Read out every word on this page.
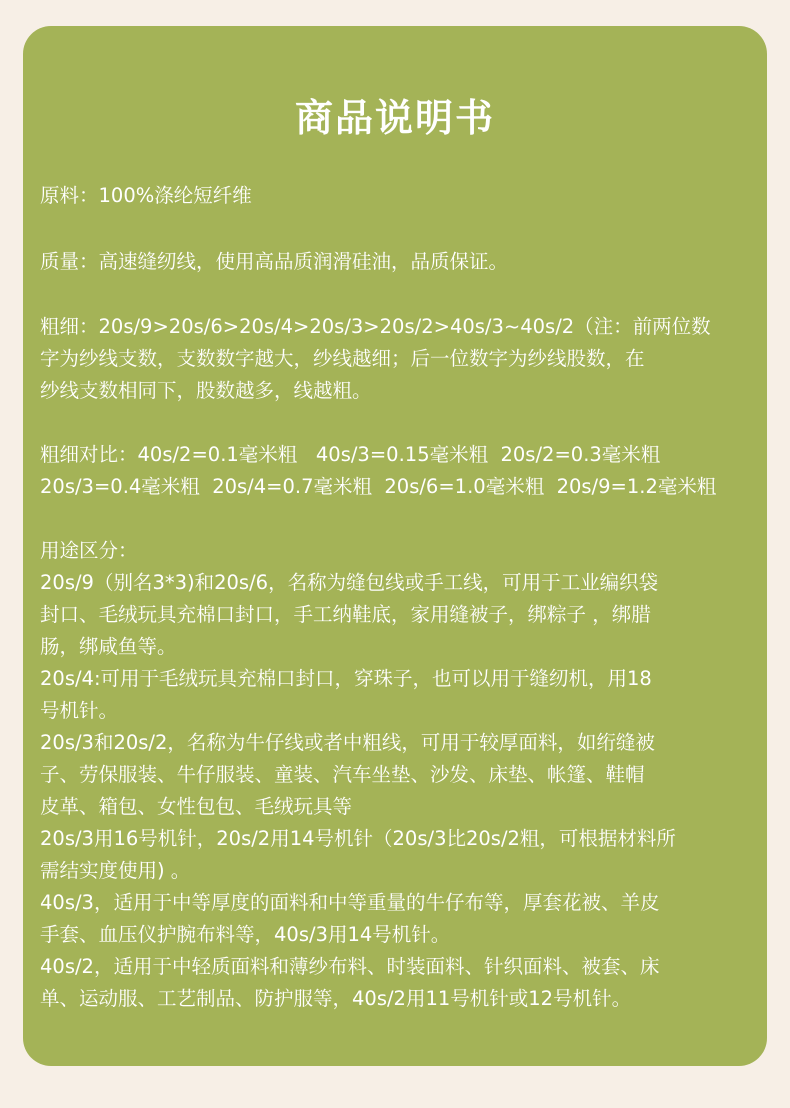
商品说明书

原料：100%涤纶短纤维

质量：高速缝纫线，使用高品质润滑硅油，品质保证。

粗细：20s/9>20s/6>20s/4>20s/3>20s/2>40s/3~40s/2（注：前两位数

字为纱线支数，支数数字越大，纱线越细；后一位数字为纱线股数，在

纱线支数相同下，股数越多，线越粗。

粗细对比：40s/2=0.1毫米粗   40s/3=0.15毫米粗  20s/2=0.3毫米粗

20s/3=0.4毫米粗  20s/4=0.7毫米粗  20s/6=1.0毫米粗  20s/9=1.2毫米粗

用途区分：

20s/9（别名3*3)和20s/6，名称为缝包线或手工线，可用于工业编织袋

封口、毛绒玩具充棉口封口，手工纳鞋底，家用缝被子，绑粽子 ，绑腊

肠，绑咸鱼等。

20s/4:可用于毛绒玩具充棉口封口，穿珠子，也可以用于缝纫机，用18

号机针。

20s/3和20s/2，名称为牛仔线或者中粗线，可用于较厚面料，如绗缝被

子、劳保服装、牛仔服装、童装、汽车坐垫、沙发、床垫、帐篷、鞋帽

皮革、箱包、女性包包、毛绒玩具等

20s/3用16号机针，20s/2用14号机针（20s/3比20s/2粗，可根据材料所

需结实度使用) 。

40s/3，适用于中等厚度的面料和中等重量的牛仔布等，厚套花被、羊皮

手套、血压仪护腕布料等，40s/3用14号机针。

40s/2，适用于中轻质面料和薄纱布料、时装面料、针织面料、被套、床

单、运动服、工艺制品、防护服等，40s/2用11号机针或12号机针。
